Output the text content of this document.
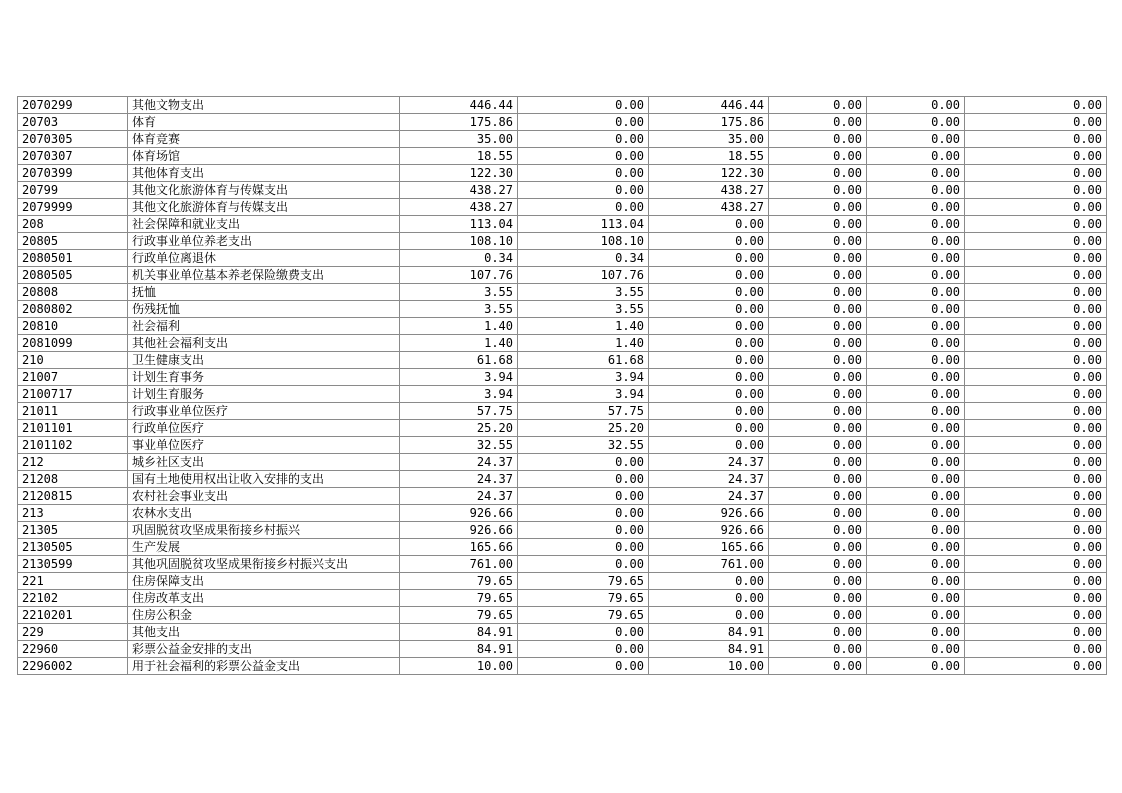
2070299	其他文物支出	446.44	0.00	446.44	0.00	0.00	0.00
20703	体育	175.86	0.00	175.86	0.00	0.00	0.00
2070305	体育竞赛	35.00	0.00	35.00	0.00	0.00	0.00
2070307	体育场馆	18.55	0.00	18.55	0.00	0.00	0.00
2070399	其他体育支出	122.30	0.00	122.30	0.00	0.00	0.00
20799	其他文化旅游体育与传媒支出	438.27	0.00	438.27	0.00	0.00	0.00
2079999	其他文化旅游体育与传媒支出	438.27	0.00	438.27	0.00	0.00	0.00
208	社会保障和就业支出	113.04	113.04	0.00	0.00	0.00	0.00
20805	行政事业单位养老支出	108.10	108.10	0.00	0.00	0.00	0.00
2080501	行政单位离退休	0.34	0.34	0.00	0.00	0.00	0.00
2080505	机关事业单位基本养老保险缴费支出	107.76	107.76	0.00	0.00	0.00	0.00
20808	抚恤	3.55	3.55	0.00	0.00	0.00	0.00
2080802	伤残抚恤	3.55	3.55	0.00	0.00	0.00	0.00
20810	社会福利	1.40	1.40	0.00	0.00	0.00	0.00
2081099	其他社会福利支出	1.40	1.40	0.00	0.00	0.00	0.00
210	卫生健康支出	61.68	61.68	0.00	0.00	0.00	0.00
21007	计划生育事务	3.94	3.94	0.00	0.00	0.00	0.00
2100717	计划生育服务	3.94	3.94	0.00	0.00	0.00	0.00
21011	行政事业单位医疗	57.75	57.75	0.00	0.00	0.00	0.00
2101101	行政单位医疗	25.20	25.20	0.00	0.00	0.00	0.00
2101102	事业单位医疗	32.55	32.55	0.00	0.00	0.00	0.00
212	城乡社区支出	24.37	0.00	24.37	0.00	0.00	0.00
21208	国有土地使用权出让收入安排的支出	24.37	0.00	24.37	0.00	0.00	0.00
2120815	农村社会事业支出	24.37	0.00	24.37	0.00	0.00	0.00
213	农林水支出	926.66	0.00	926.66	0.00	0.00	0.00
21305	巩固脱贫攻坚成果衔接乡村振兴	926.66	0.00	926.66	0.00	0.00	0.00
2130505	生产发展	165.66	0.00	165.66	0.00	0.00	0.00
2130599	其他巩固脱贫攻坚成果衔接乡村振兴支出	761.00	0.00	761.00	0.00	0.00	0.00
221	住房保障支出	79.65	79.65	0.00	0.00	0.00	0.00
22102	住房改革支出	79.65	79.65	0.00	0.00	0.00	0.00
2210201	住房公积金	79.65	79.65	0.00	0.00	0.00	0.00
229	其他支出	84.91	0.00	84.91	0.00	0.00	0.00
22960	彩票公益金安排的支出	84.91	0.00	84.91	0.00	0.00	0.00
2296002	用于社会福利的彩票公益金支出	10.00	0.00	10.00	0.00	0.00	0.00
